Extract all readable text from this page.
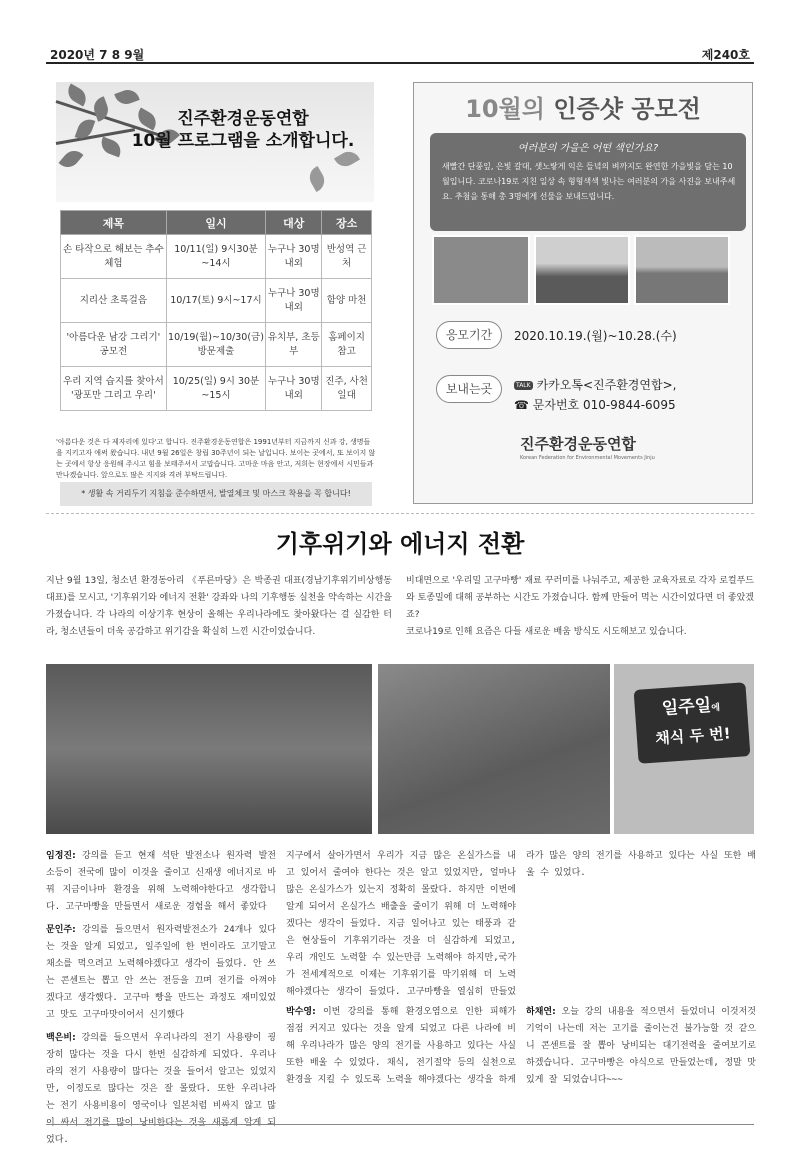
2020년 7 8 9월	제240호
진주환경운동연합
10월 프로그램을 소개합니다.
제목	일시	대상	장소
손 타작으로 해보는 추수체험	10/11(일) 9시30분~14시	누구나 30명 내외	반성역 근처
지리산 초록걸음	10/17(토) 9시~17시	누구나 30명 내외	함양 마천
'아름다운 남강 그리기' 공모전	10/19(월)~10/30(금) 방문제출	유치부, 초등부	홈페이지 참고
우리 지역 습지를 찾아서 '광포만 그리고 우리'	10/25(일) 9시 30분~15시	누구나 30명 내외	진주, 사천 일대
* 생활 속 거리두기 지침을 준수하면서, 발열체크 및 마스크 착용을 꼭 합니다!
'아름다운 것은 다 제자리에 있다'고 합니다. 진주환경운동연합은 1991년부터 지금까지 신과 강, 생명들을 지키고자 애써 왔습니다. 내년 9월 26일은 창립 30주년이 되는 날입니다. 보이는 곳에서, 또 보이지 않는 곳에서 항상 응원해 주시고 힘을 보태주셔서 고맙습니다. 고마운 마음 안고, 저희는 현장에서 시민들과 만나겠습니다. 앞으로도 많은 지지와 격려 부탁드립니다.
10월의 인증샷 공모전
여러분의 가을은 어떤 색인가요?
새빨간 단풍잎, 은빛 갈대, 샛노랗게 익은 들녘의 벼까지도 완연한 가을빛을 담는 10월입니다. 코로나19로 지친 일상 속 형형색색 빛나는 여러분의 가을 사진을 보내주세요. 추첨을 통해 총 3명에게 선물을 보내드립니다.
응모기간	2020.10.19.(월)~10.28.(수)
보내는곳	TALK 카카오톡<진주환경연합>,
☎ 문자번호 010-9844-6095
진주환경운동연합
Korean Federation for Environmental Movements Jinju
기후위기와 에너지 전환
지난 9월 13일, 청소년 환경동아리 《푸른마당》은 박종권 대표(경남기후위기비상행동 대표)를 모시고, '기후위기와 에너지 전환' 강좌와 나의 기후행동 실천을 약속하는 시간을 가졌습니다. 각 나라의 이상기후 현상이 올해는 우리나라에도 찾아왔다는 걸 실감한 터라, 청소년들이 더욱 공감하고 위기감을 확실히 느낀 시간이었습니다.
비대면으로 '우리밀 고구마빵' 재료 꾸러미를 나눠주고, 제공한 교육자료로 각자 로컬푸드와 토종밀에 대해 공부하는 시간도 가졌습니다. 함께 만들어 먹는 시간이었다면 더 좋았겠죠?
코로나19로 인해 요즘은 다들 새로운 배움 방식도 시도해보고 있습니다.
일주일에
채식 두 번!

임정진: 강의를 듣고 현재 석탄 발전소나 원자력 발전소등이 전국에 많이 이것을 줄이고 신재생 에너지로 바꿔 지금이나마 환경을 위해 노력해야한다고 생각합니다. 고구마빵을 만들면서 새로운 경험을 해서 좋았다

문인주: 강의를 들으면서 원자력발전소가 24개나 있다는 것을 알게 되었고, 일주일에 한 번이라도 고기말고 채소를 먹으려고 노력해야겠다고 생각이 들었다. 안 쓰는 콘센트는 뽑고 안 쓰는 전등을 끄며 전기를 아껴야겠다고 생각했다. 고구마 빵을 만드는 과정도 재미있었고 맛도 고구마맛이어서 신기했다

백은비: 강의를 들으면서 우리나라의 전기 사용량이 굉장히 많다는 것을 다시 한번 실감하게 되었다. 우리나라의 전기 사용량이 많다는 것을 들어서 알고는 있었지만, 이정도로 많다는 것은 잘 몰랐다. 또한 우리나라는 전기 사용비용이 영국이나 일본처럼 비싸지 않고 많이 싸서 전기를 많이 낭비한다는 것을 새롭게 알게 되었다.

지구에서 살아가면서 우리가 지금 많은 온실가스를 내고 있어서 줄여야 한다는 것은 알고 있었지만, 얼마나 많은 온실가스가 있는지 정확히 몰랐다. 하지만 이번에 알게 되어서 온실가스 배출을 줄이기 위해 더 노력해야 겠다는 생각이 들었다. 지금 일어나고 있는 태풍과 같은 현상들이 기후위기라는 것을 더 실감하게 되었고, 우리 개인도 노력할 수 있는만큼 노력해야 하지만,국가가 전세계적으로 이제는 기후위기를 막기위해 더 노력해야겠다는 생각이 들었다. 고구마빵을 열심히 만들었

박수영: 이번 강의를 통해 환경오염으로 인한 피해가 점점 커지고 있다는 것을 알게 되었고 다른 나라에 비해 우리나라가 많은 양의 전기를 사용하고 있다는 사실 또한 배울 수 있었다. 채식, 전기절약 등의 실천으로 환경을 지킬 수 있도록 노력을 해야겠다는 생각을 하게

라가 많은 양의 전기를 사용하고 있다는 사실 또한 배울 수 있었다.

하채연: 오늘 강의 내용을 적으면서 들었더니 이것저것 기억이 나는데 저는 고기를 줄이는건 불가능할 것 같으니 콘센트를 잘 뽑아 낭비되는 대기전력을 줄여보기로 하겠습니다. 고구마빵은 야식으로 만들었는데, 정말 맛있게 잘 되었습니다~~~
